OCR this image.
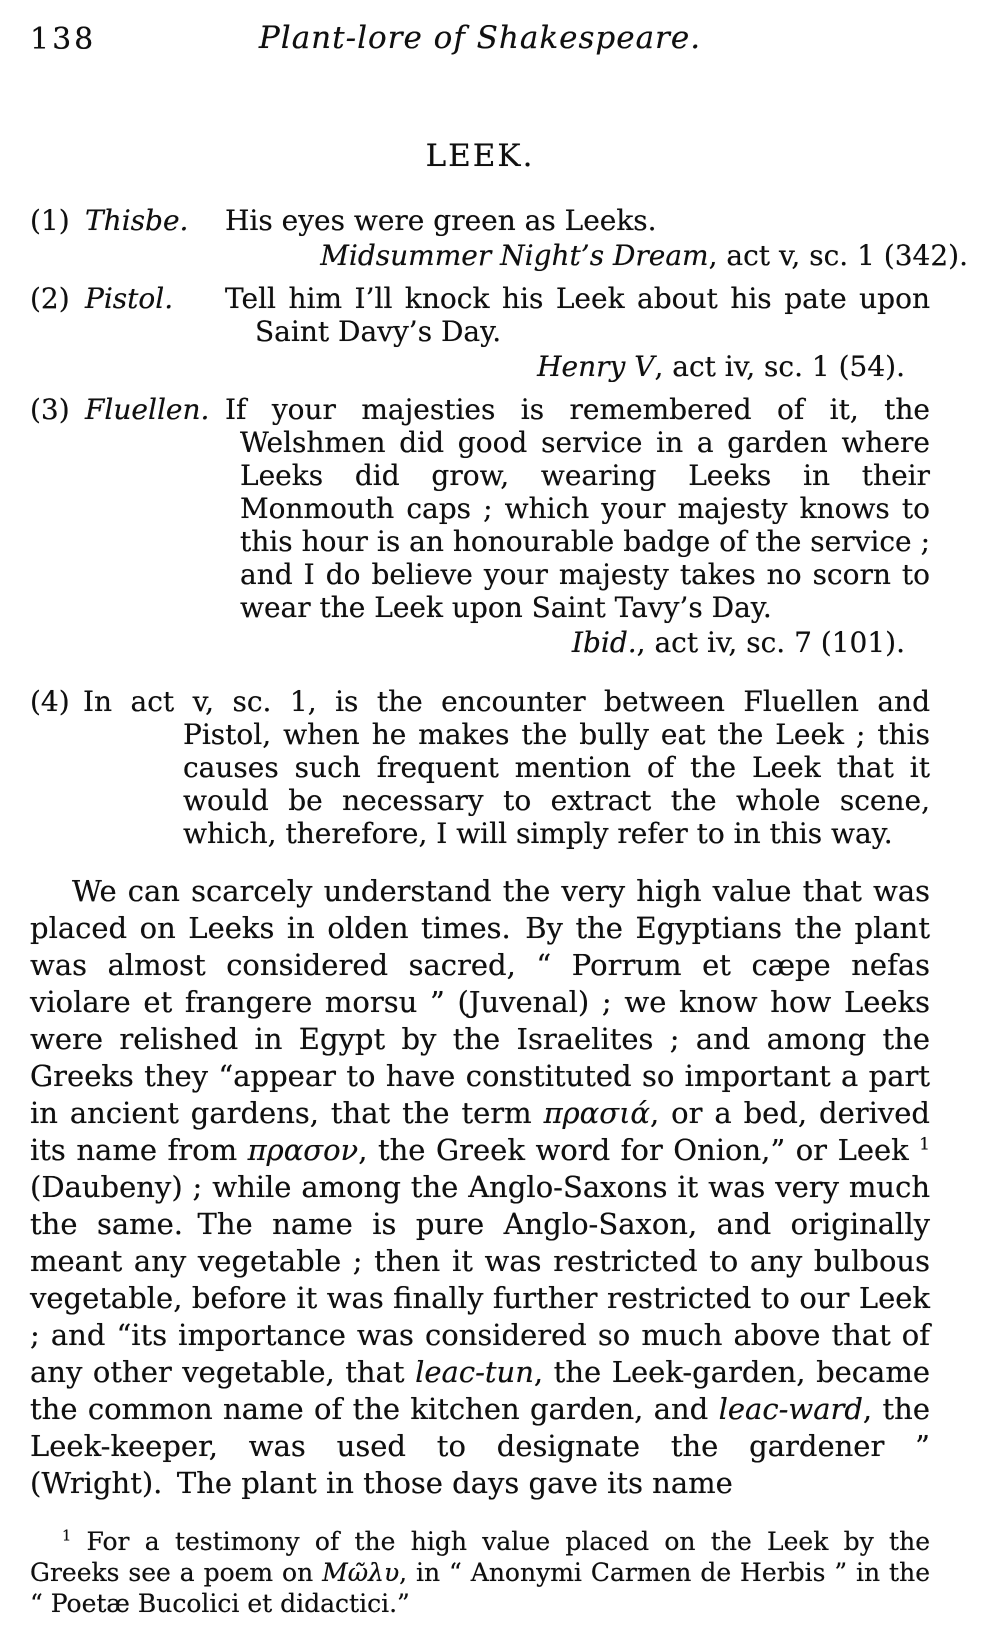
138	Plant-lore of Shakespeare.
LEEK.
(1) Thisbe.	His eyes were green as Leeks.
Midsummer Night’s Dream, act v, sc. 1 (342).
(2) Pistol.	Tell him I’ll knock his Leek about his pate upon Saint Davy’s Day.
Henry V, act iv, sc. 1 (54).
(3) Fluellen. If your majesties is remembered of it, the Welshmen did good service in a garden where Leeks did grow, wearing Leeks in their Monmouth caps ; which your majesty knows to this hour is an honourable badge of the service ; and I do believe your majesty takes no scorn to wear the Leek upon Saint Tavy’s Day.
Ibid., act iv, sc. 7 (101).
(4) In act v, sc. 1, is the encounter between Fluellen and Pistol, when he makes the bully eat the Leek ; this causes such frequent mention of the Leek that it would be necessary to extract the whole scene, which, therefore, I will simply refer to in this way.

We can scarcely understand the very high value that was placed on Leeks in olden times. By the Egyptians the plant was almost considered sacred, “ Porrum et cæpe nefas violare et frangere morsu ” (Juvenal) ; we know how Leeks were relished in Egypt by the Israelites ; and among the Greeks they “appear to have constituted so important a part in ancient gardens, that the term πρασιά, or a bed, derived its name from πρασον, the Greek word for Onion,” or Leek $^1$ (Daubeny) ; while among the Anglo-Saxons it was very much the same. The name is pure Anglo-Saxon, and originally meant any vegetable ; then it was restricted to any bulbous vegetable, before it was finally further restricted to our Leek ; and “its importance was considered so much above that of any other vegetable, that leac-tun, the Leek-garden, became the common name of the kitchen garden, and leac-ward, the Leek-keeper, was used to designate the gardener ” (Wright). The plant in those days gave its name

$^1$ For a testimony of the high value placed on the Leek by the Greeks see a poem on Μῶλυ, in “ Anonymi Carmen de Herbis ” in the “ Poetæ Bucolici et didactici.”
